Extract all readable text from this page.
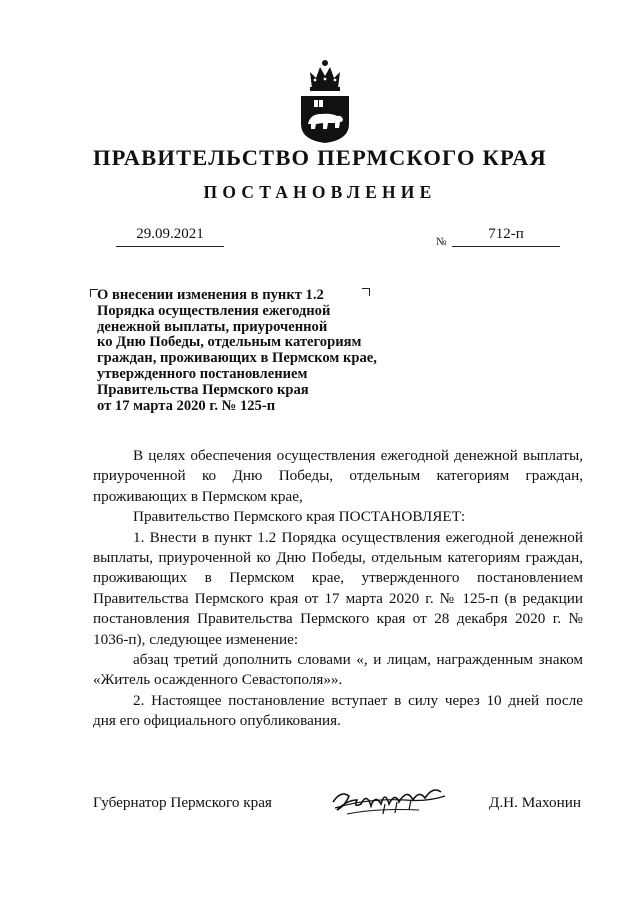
ПРАВИТЕЛЬСТВО ПЕРМСКОГО КРАЯ
ПОСТАНОВЛЕНИЕ
29.09.2021	№	712-п
О внесении изменения в пункт 1.2
Порядка осуществления ежегодной
денежной выплаты, приуроченной
ко Дню Победы, отдельным категориям
граждан, проживающих в Пермском крае,
утвержденного постановлением
Правительства Пермского края
от 17 марта 2020 г. № 125-п

В целях обеспечения осуществления ежегодной денежной выплаты, приуроченной ко Дню Победы, отдельным категориям граждан, проживающих в Пермском крае,

Правительство Пермского края ПОСТАНОВЛЯЕТ:

1. Внести в пункт 1.2 Порядка осуществления ежегодной денежной выплаты, приуроченной ко Дню Победы, отдельным категориям граждан, проживающих в Пермском крае, утвержденного постановлением Правительства Пермского края от 17 марта 2020 г. № 125-п (в редакции постановления Правительства Пермского края от 28 декабря 2020 г. № 1036-п), следующее изменение:

абзац третий дополнить словами «, и лицам, награжденным знаком «Житель осажденного Севастополя»».

2. Настоящее постановление вступает в силу через 10 дней после дня его официального опубликования.

Губернатор Пермского края	Д.Н. Махонин
